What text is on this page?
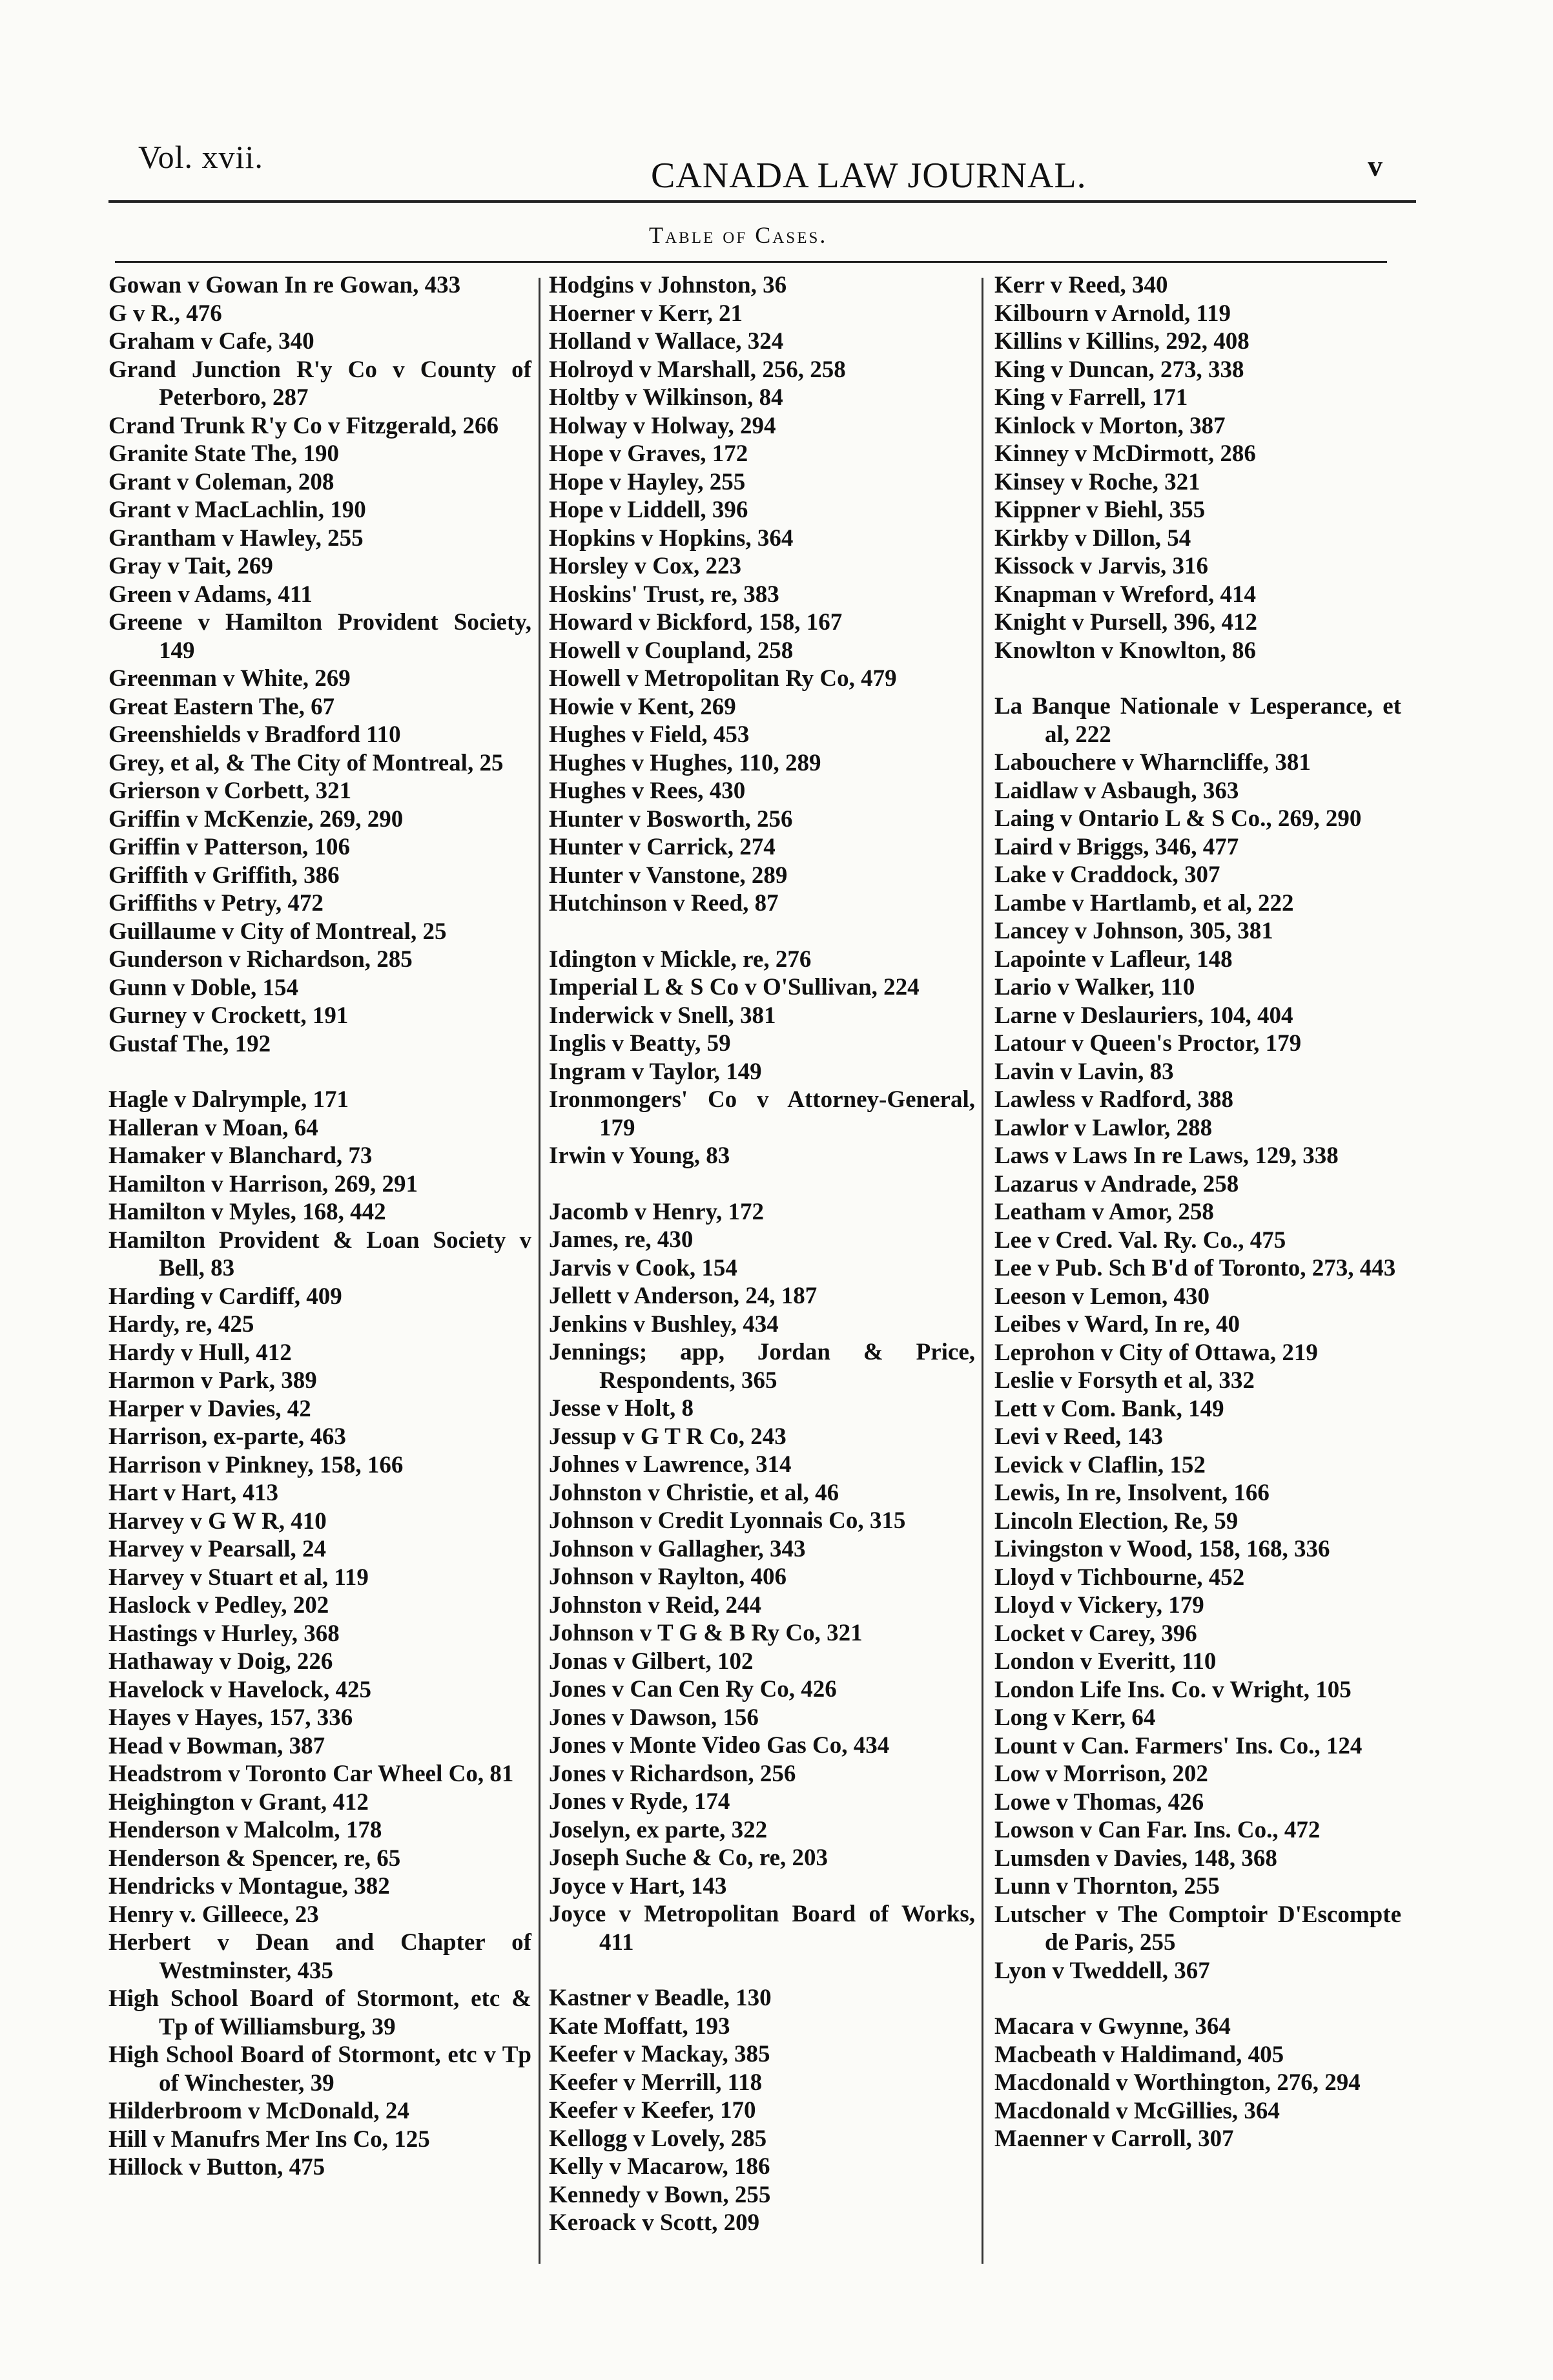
Vol. xvii.	CANADA LAW JOURNAL.	v
Table of Cases.
Gowan v Gowan In re Gowan, 433
G v R., 476
Graham v Cafe, 340
Grand Junction R'y Co v County of Peterboro, 287
Crand Trunk R'y Co v Fitzgerald, 266
Granite State The, 190
Grant v Coleman, 208
Grant v MacLachlin, 190
Grantham v Hawley, 255
Gray v Tait, 269
Green v Adams, 411
Greene v Hamilton Provident Society, 149
Greenman v White, 269
Great Eastern The, 67
Greenshields v Bradford 110
Grey, et al, & The City of Montreal, 25
Grierson v Corbett, 321
Griffin v McKenzie, 269, 290
Griffin v Patterson, 106
Griffith v Griffith, 386
Griffiths v Petry, 472
Guillaume v City of Montreal, 25
Gunderson v Richardson, 285
Gunn v Doble, 154
Gurney v Crockett, 191
Gustaf The, 192
Hagle v Dalrymple, 171
Halleran v Moan, 64
Hamaker v Blanchard, 73
Hamilton v Harrison, 269, 291
Hamilton v Myles, 168, 442
Hamilton Provident & Loan Society v Bell, 83
Harding v Cardiff, 409
Hardy, re, 425
Hardy v Hull, 412
Harmon v Park, 389
Harper v Davies, 42
Harrison, ex-parte, 463
Harrison v Pinkney, 158, 166
Hart v Hart, 413
Harvey v G W R, 410
Harvey v Pearsall, 24
Harvey v Stuart et al, 119
Haslock v Pedley, 202
Hastings v Hurley, 368
Hathaway v Doig, 226
Havelock v Havelock, 425
Hayes v Hayes, 157, 336
Head v Bowman, 387
Headstrom v Toronto Car Wheel Co, 81
Heighington v Grant, 412
Henderson v Malcolm, 178
Henderson & Spencer, re, 65
Hendricks v Montague, 382
Henry v. Gilleece, 23
Herbert v Dean and Chapter of Westminster, 435
High School Board of Stormont, etc & Tp of Williamsburg, 39
High School Board of Stormont, etc v Tp of Winchester, 39
Hilderbroom v McDonald, 24
Hill v Manufrs Mer Ins Co, 125
Hillock v Button, 475
Hodgins v Johnston, 36
Hoerner v Kerr, 21
Holland v Wallace, 324
Holroyd v Marshall, 256, 258
Holtby v Wilkinson, 84
Holway v Holway, 294
Hope v Graves, 172
Hope v Hayley, 255
Hope v Liddell, 396
Hopkins v Hopkins, 364
Horsley v Cox, 223
Hoskins' Trust, re, 383
Howard v Bickford, 158, 167
Howell v Coupland, 258
Howell v Metropolitan Ry Co, 479
Howie v Kent, 269
Hughes v Field, 453
Hughes v Hughes, 110, 289
Hughes v Rees, 430
Hunter v Bosworth, 256
Hunter v Carrick, 274
Hunter v Vanstone, 289
Hutchinson v Reed, 87
Idington v Mickle, re, 276
Imperial L & S Co v O'Sullivan, 224
Inderwick v Snell, 381
Inglis v Beatty, 59
Ingram v Taylor, 149
Ironmongers' Co v Attorney-General, 179
Irwin v Young, 83
Jacomb v Henry, 172
James, re, 430
Jarvis v Cook, 154
Jellett v Anderson, 24, 187
Jenkins v Bushley, 434
Jennings; app, Jordan & Price, Respondents, 365
Jesse v Holt, 8
Jessup v G T R Co, 243
Johnes v Lawrence, 314
Johnston v Christie, et al, 46
Johnson v Credit Lyonnais Co, 315
Johnson v Gallagher, 343
Johnson v Raylton, 406
Johnston v Reid, 244
Johnson v T G & B Ry Co, 321
Jonas v Gilbert, 102
Jones v Can Cen Ry Co, 426
Jones v Dawson, 156
Jones v Monte Video Gas Co, 434
Jones v Richardson, 256
Jones v Ryde, 174
Joselyn, ex parte, 322
Joseph Suche & Co, re, 203
Joyce v Hart, 143
Joyce v Metropolitan Board of Works, 411
Kastner v Beadle, 130
Kate Moffatt, 193
Keefer v Mackay, 385
Keefer v Merrill, 118
Keefer v Keefer, 170
Kellogg v Lovely, 285
Kelly v Macarow, 186
Kennedy v Bown, 255
Keroack v Scott, 209
Kerr v Reed, 340
Kilbourn v Arnold, 119
Killins v Killins, 292, 408
King v Duncan, 273, 338
King v Farrell, 171
Kinlock v Morton, 387
Kinney v McDirmott, 286
Kinsey v Roche, 321
Kippner v Biehl, 355
Kirkby v Dillon, 54
Kissock v Jarvis, 316
Knapman v Wreford, 414
Knight v Pursell, 396, 412
Knowlton v Knowlton, 86
La Banque Nationale v Lesperance, et al, 222
Labouchere v Wharncliffe, 381
Laidlaw v Asbaugh, 363
Laing v Ontario L & S Co., 269, 290
Laird v Briggs, 346, 477
Lake v Craddock, 307
Lambe v Hartlamb, et al, 222
Lancey v Johnson, 305, 381
Lapointe v Lafleur, 148
Lario v Walker, 110
Larne v Deslauriers, 104, 404
Latour v Queen's Proctor, 179
Lavin v Lavin, 83
Lawless v Radford, 388
Lawlor v Lawlor, 288
Laws v Laws In re Laws, 129, 338
Lazarus v Andrade, 258
Leatham v Amor, 258
Lee v Cred. Val. Ry. Co., 475
Lee v Pub. Sch B'd of Toronto, 273, 443
Leeson v Lemon, 430
Leibes v Ward, In re, 40
Leprohon v City of Ottawa, 219
Leslie v Forsyth et al, 332
Lett v Com. Bank, 149
Levi v Reed, 143
Levick v Claflin, 152
Lewis, In re, Insolvent, 166
Lincoln Election, Re, 59
Livingston v Wood, 158, 168, 336
Lloyd v Tichbourne, 452
Lloyd v Vickery, 179
Locket v Carey, 396
London v Everitt, 110
London Life Ins. Co. v Wright, 105
Long v Kerr, 64
Lount v Can. Farmers' Ins. Co., 124
Low v Morrison, 202
Lowe v Thomas, 426
Lowson v Can Far. Ins. Co., 472
Lumsden v Davies, 148, 368
Lunn v Thornton, 255
Lutscher v The Comptoir D'Escompte de Paris, 255
Lyon v Tweddell, 367
Macara v Gwynne, 364
Macbeath v Haldimand, 405
Macdonald v Worthington, 276, 294
Macdonald v McGillies, 364
Maenner v Carroll, 307
